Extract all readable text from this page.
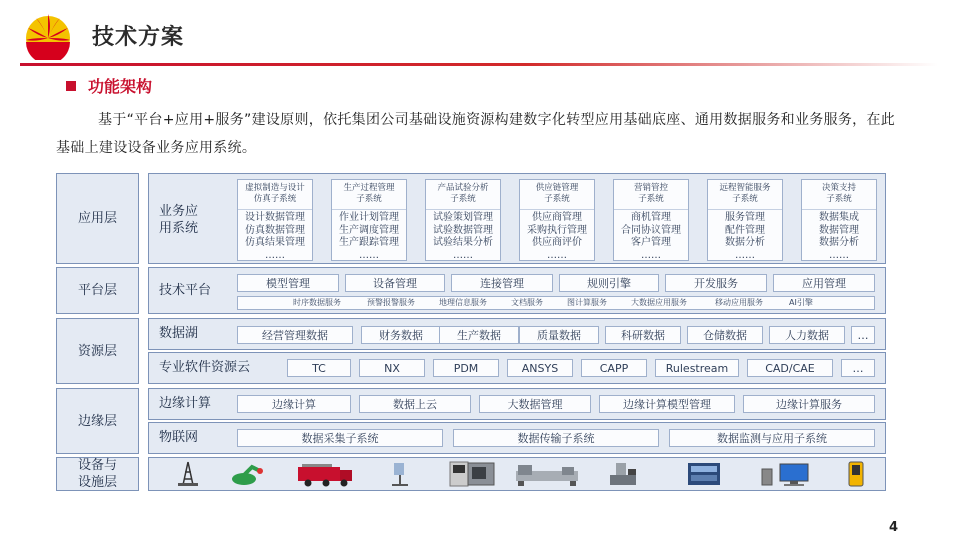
技术方案
功能架构
基于“平台+应用+服务”建设原则，依托集团公司基础设施资源构建数字化转型应用基础底座、通用数据服务和业务服务，在此基础上建设设备业务应用系统。
应用层
平台层
资源层
边缘层
设备与
设施层
业务应
用系统
虚拟制造与设计
仿真子系统
设计数据管理
仿真数据管理
仿真结果管理
……
生产过程管理
子系统
作业计划管理
生产调度管理
生产跟踪管理
……
产品试验分析
子系统
试验策划管理
试验数据管理
试验结果分析
……
供应链管理
子系统
供应商管理
采购执行管理
供应商评价
……
营销管控
子系统
商机管理
合同协议管理
客户管理
……
远程智能服务
子系统
服务管理
配件管理
数据分析
……
决策支持
子系统
数据集成
数据管理
数据分析
……
技术平台	模型管理	设备管理	连接管理	规则引擎	开发服务	应用管理
时序数据服务	预警报警服务	地理信息服务	文档服务	图计算服务	大数据应用服务	移动应用服务	AI引擎
数据湖	经营管理数据	财务数据	生产数据	质量数据	科研数据	仓储数据	人力数据	…
专业软件资源云	TC	NX	PDM	ANSYS	CAPP	Rulestream	CAD/CAE	…
边缘计算	边缘计算	数据上云	大数据管理	边缘计算模型管理	边缘计算服务
物联网	数据采集子系统	数据传输子系统	数据监测与应用子系统
4
